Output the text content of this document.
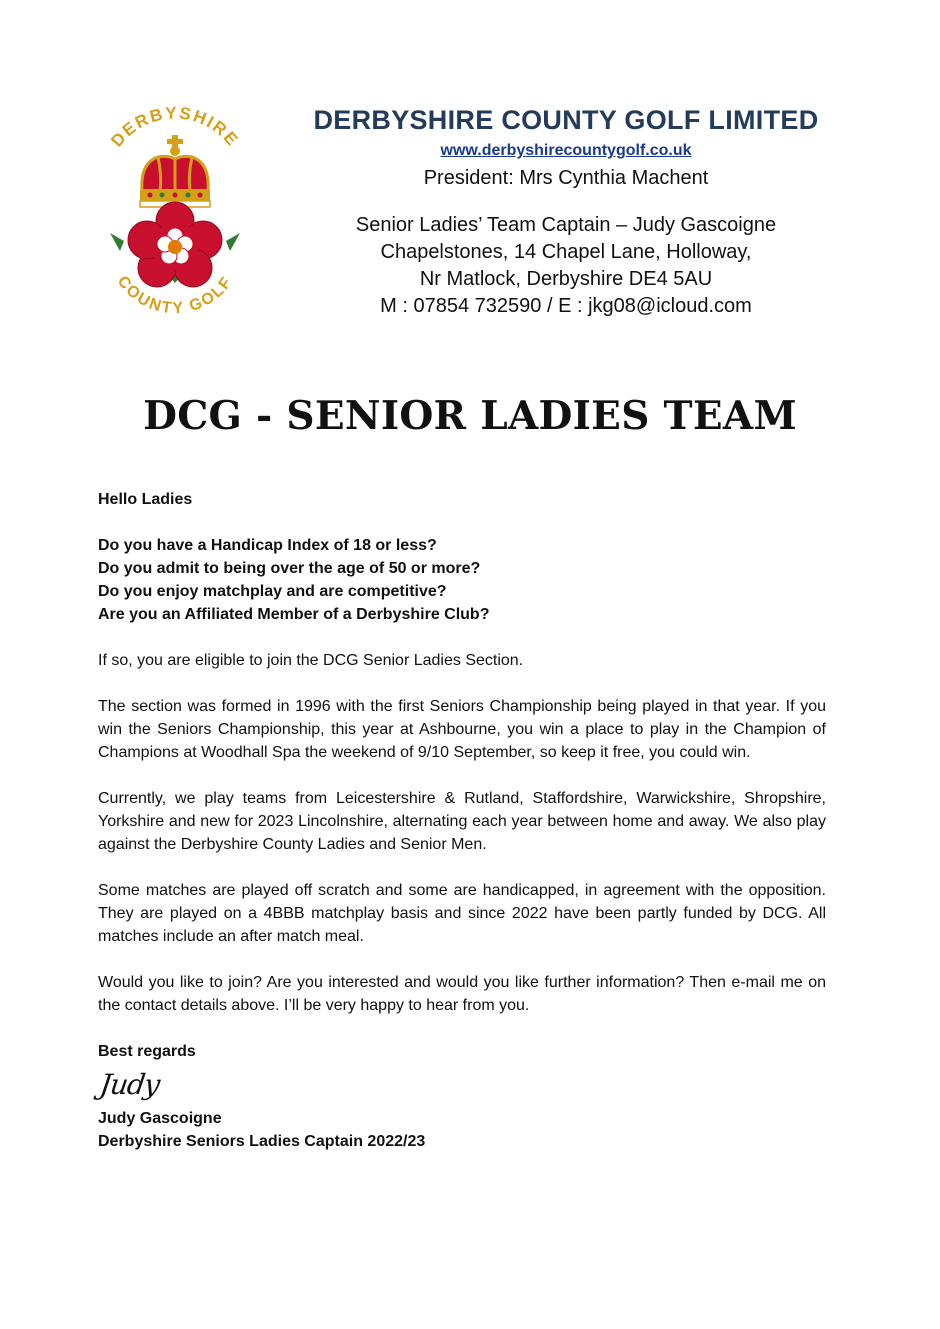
DERBYSHIRE
COUNTY GOLF
DERBYSHIRE COUNTY GOLF LIMITED
www.derbyshirecountygolf.co.uk
President: Mrs Cynthia Machent
Senior Ladies’ Team Captain – Judy Gascoigne
Chapelstones, 14 Chapel Lane, Holloway,
Nr Matlock, Derbyshire DE4 5AU
M : 07854 732590 / E : jkg08@icloud.com
DCG - SENIOR LADIES TEAM

Hello Ladies

Do you have a Handicap Index of 18 or less?
Do you admit to being over the age of 50 or more?
Do you enjoy matchplay and are competitive?
Are you an Affiliated Member of a Derbyshire Club?

If so, you are eligible to join the DCG Senior Ladies Section.

The section was formed in 1996 with the first Seniors Championship being played in that year. If you win the Seniors Championship, this year at Ashbourne, you win a place to play in the Champion of Champions at Woodhall Spa the weekend of 9/10 September, so keep it free, you could win.

Currently, we play teams from Leicestershire & Rutland, Staffordshire, Warwickshire, Shropshire, Yorkshire and new for 2023 Lincolnshire, alternating each year between home and away. We also play against the Derbyshire County Ladies and Senior Men.

Some matches are played off scratch and some are handicapped, in agreement with the opposition. They are played on a 4BBB matchplay basis and since 2022 have been partly funded by DCG. All matches include an after match meal.

Would you like to join? Are you interested and would you like further information? Then e-mail me on the contact details above. I’ll be very happy to hear from you.

Best regards

Judy

Judy Gascoigne

Derbyshire Seniors Ladies Captain 2022/23
